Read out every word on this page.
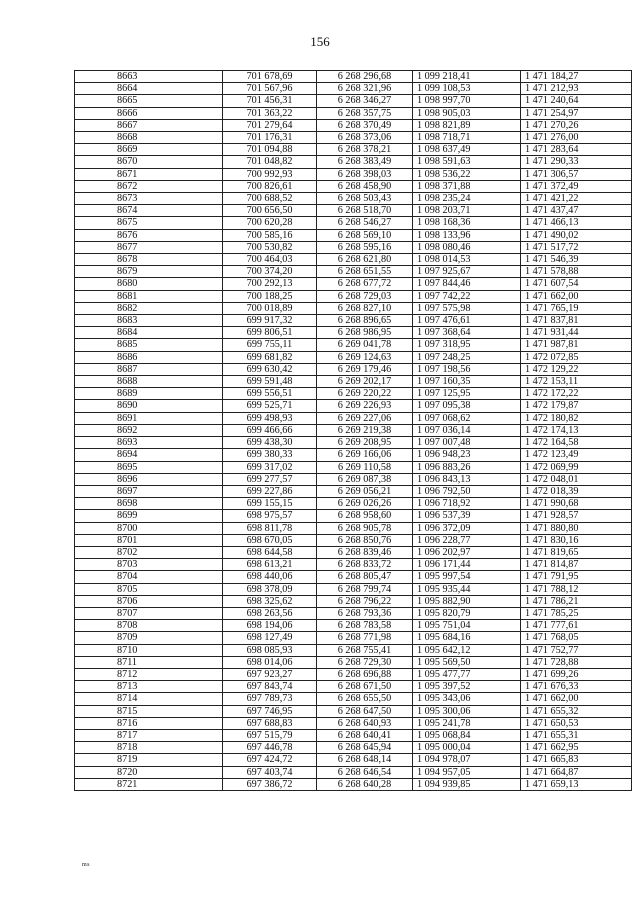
156
8663	701 678,69	6 268 296,68	1 099 218,41	1 471 184,27
8664	701 567,96	6 268 321,96	1 099 108,53	1 471 212,93
8665	701 456,31	6 268 346,27	1 098 997,70	1 471 240,64
8666	701 363,22	6 268 357,75	1 098 905,03	1 471 254,97
8667	701 279,64	6 268 370,49	1 098 821,89	1 471 270,26
8668	701 176,31	6 268 373,06	1 098 718,71	1 471 276,00
8669	701 094,88	6 268 378,21	1 098 637,49	1 471 283,64
8670	701 048,82	6 268 383,49	1 098 591,63	1 471 290,33
8671	700 992,93	6 268 398,03	1 098 536,22	1 471 306,57
8672	700 826,61	6 268 458,90	1 098 371,88	1 471 372,49
8673	700 688,52	6 268 503,43	1 098 235,24	1 471 421,22
8674	700 656,50	6 268 518,70	1 098 203,71	1 471 437,47
8675	700 620,28	6 268 546,27	1 098 168,36	1 471 466,13
8676	700 585,16	6 268 569,10	1 098 133,96	1 471 490,02
8677	700 530,82	6 268 595,16	1 098 080,46	1 471 517,72
8678	700 464,03	6 268 621,80	1 098 014,53	1 471 546,39
8679	700 374,20	6 268 651,55	1 097 925,67	1 471 578,88
8680	700 292,13	6 268 677,72	1 097 844,46	1 471 607,54
8681	700 188,25	6 268 729,03	1 097 742,22	1 471 662,00
8682	700 018,89	6 268 827,10	1 097 575,98	1 471 765,19
8683	699 917,32	6 268 896,65	1 097 476,61	1 471 837,81
8684	699 806,51	6 268 986,95	1 097 368,64	1 471 931,44
8685	699 755,11	6 269 041,78	1 097 318,95	1 471 987,81
8686	699 681,82	6 269 124,63	1 097 248,25	1 472 072,85
8687	699 630,42	6 269 179,46	1 097 198,56	1 472 129,22
8688	699 591,48	6 269 202,17	1 097 160,35	1 472 153,11
8689	699 556,51	6 269 220,22	1 097 125,95	1 472 172,22
8690	699 525,71	6 269 226,93	1 097 095,38	1 472 179,87
8691	699 498,93	6 269 227,06	1 097 068,62	1 472 180,82
8692	699 466,66	6 269 219,38	1 097 036,14	1 472 174,13
8693	699 438,30	6 269 208,95	1 097 007,48	1 472 164,58
8694	699 380,33	6 269 166,06	1 096 948,23	1 472 123,49
8695	699 317,02	6 269 110,58	1 096 883,26	1 472 069,99
8696	699 277,57	6 269 087,38	1 096 843,13	1 472 048,01
8697	699 227,86	6 269 056,21	1 096 792,50	1 472 018,39
8698	699 155,15	6 269 026,26	1 096 718,92	1 471 990,68
8699	698 975,57	6 268 958,60	1 096 537,39	1 471 928,57
8700	698 811,78	6 268 905,78	1 096 372,09	1 471 880,80
8701	698 670,05	6 268 850,76	1 096 228,77	1 471 830,16
8702	698 644,58	6 268 839,46	1 096 202,97	1 471 819,65
8703	698 613,21	6 268 833,72	1 096 171,44	1 471 814,87
8704	698 440,06	6 268 805,47	1 095 997,54	1 471 791,95
8705	698 378,09	6 268 799,74	1 095 935,44	1 471 788,12
8706	698 325,62	6 268 796,22	1 095 882,90	1 471 786,21
8707	698 263,56	6 268 793,36	1 095 820,79	1 471 785,25
8708	698 194,06	6 268 783,58	1 095 751,04	1 471 777,61
8709	698 127,49	6 268 771,98	1 095 684,16	1 471 768,05
8710	698 085,93	6 268 755,41	1 095 642,12	1 471 752,77
8711	698 014,06	6 268 729,30	1 095 569,50	1 471 728,88
8712	697 923,27	6 268 696,88	1 095 477,77	1 471 699,26
8713	697 843,74	6 268 671,50	1 095 397,52	1 471 676,33
8714	697 789,73	6 268 655,50	1 095 343,06	1 471 662,00
8715	697 746,95	6 268 647,50	1 095 300,06	1 471 655,32
8716	697 688,83	6 268 640,93	1 095 241,78	1 471 650,53
8717	697 515,79	6 268 640,41	1 095 068,84	1 471 655,31
8718	697 446,78	6 268 645,94	1 095 000,04	1 471 662,95
8719	697 424,72	6 268 648,14	1 094 978,07	1 471 665,83
8720	697 403,74	6 268 646,54	1 094 957,05	1 471 664,87
8721	697 386,72	6 268 640,28	1 094 939,85	1 471 659,13
ms
